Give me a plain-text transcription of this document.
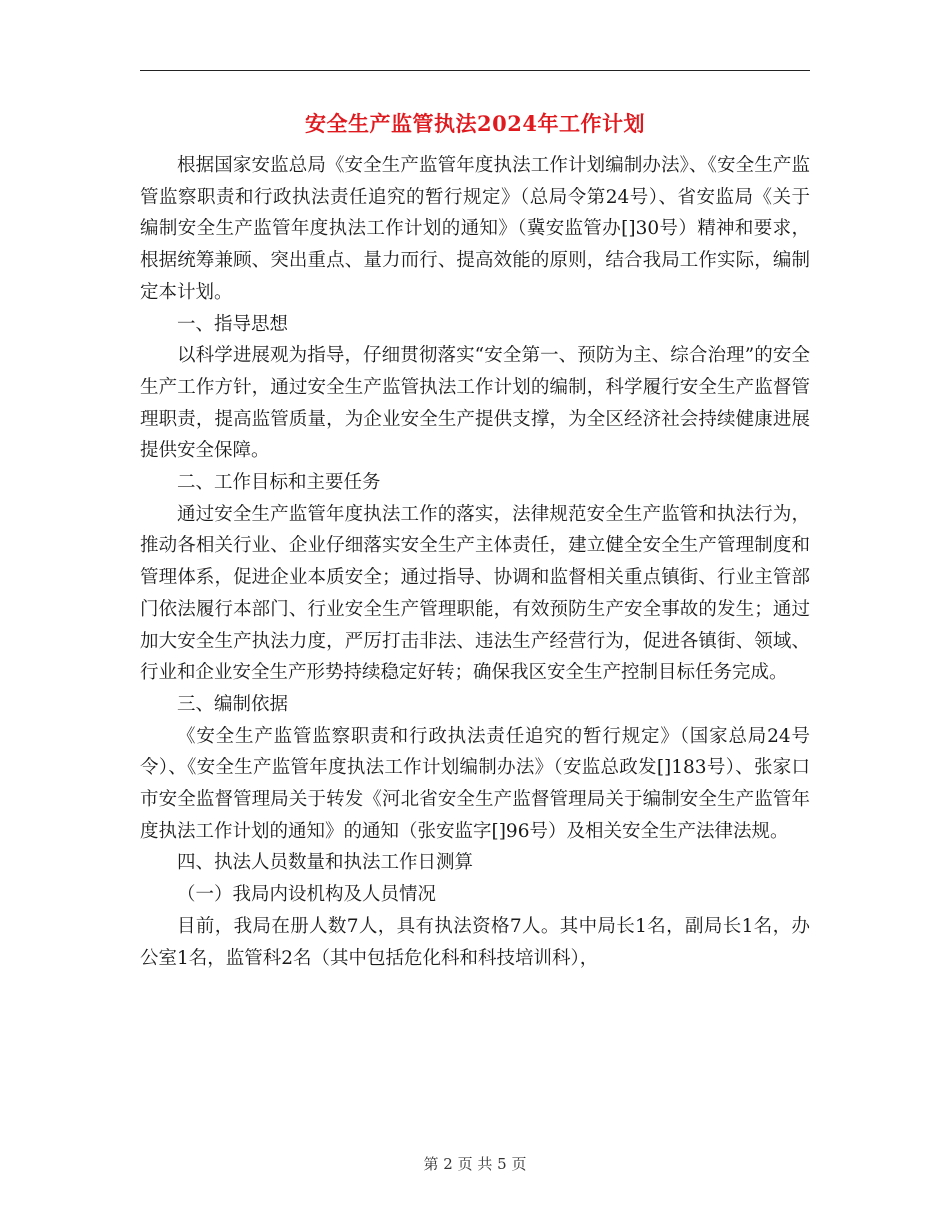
安全生产监管执法2024年工作计划

根据国家安监总局《安全生产监管年度执法工作计划编制办法》、《安全生产监管监察职责和行政执法责任追究的暂行规定》（总局令第24号）、省安监局《关于编制安全生产监管年度执法工作计划的通知》（冀安监管办[]30号）精神和要求，根据统筹兼顾、突出重点、量力而行、提高效能的原则，结合我局工作实际，编制定本计划。

一、指导思想

以科学进展观为指导，仔细贯彻落实“安全第一、预防为主、综合治理”的安全生产工作方针，通过安全生产监管执法工作计划的编制，科学履行安全生产监督管理职责，提高监管质量，为企业安全生产提供支撑，为全区经济社会持续健康进展提供安全保障。

二、工作目标和主要任务

通过安全生产监管年度执法工作的落实，法律规范安全生产监管和执法行为，推动各相关行业、企业仔细落实安全生产主体责任，建立健全安全生产管理制度和管理体系，促进企业本质安全；通过指导、协调和监督相关重点镇街、行业主管部门依法履行本部门、行业安全生产管理职能，有效预防生产安全事故的发生；通过加大安全生产执法力度，严厉打击非法、违法生产经营行为，促进各镇街、领域、行业和企业安全生产形势持续稳定好转；确保我区安全生产控制目标任务完成。

三、编制依据

《安全生产监管监察职责和行政执法责任追究的暂行规定》（国家总局24号令）、《安全生产监管年度执法工作计划编制办法》（安监总政发[]183号）、张家口市安全监督管理局关于转发《河北省安全生产监督管理局关于编制安全生产监管年度执法工作计划的通知》的通知（张安监字[]96号）及相关安全生产法律法规。

四、执法人员数量和执法工作日测算

（一）我局内设机构及人员情况

目前，我局在册人数7人，具有执法资格7人。其中局长1名，副局长1名，办公室1名，监管科2名（其中包括危化科和科技培训科），

第 2 页 共 5 页
